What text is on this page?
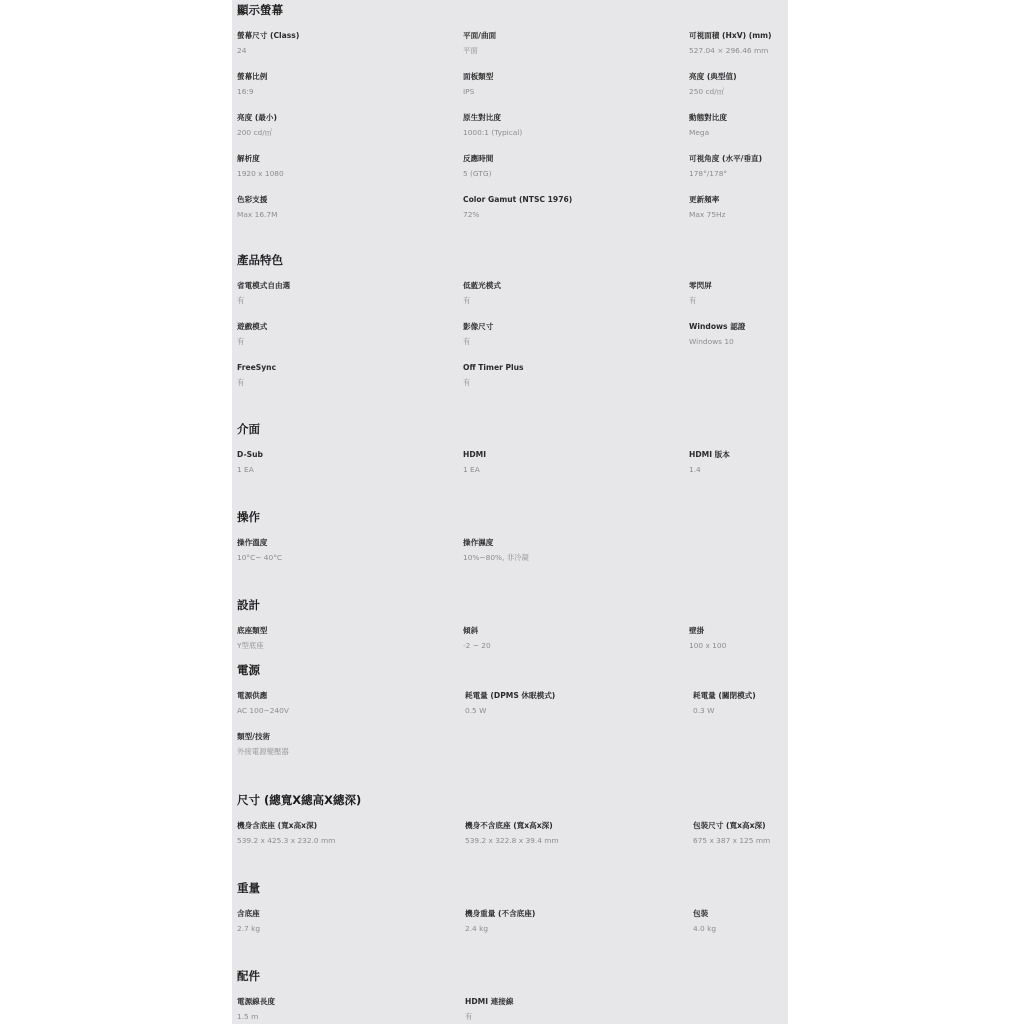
顯示螢幕
螢幕尺寸 (Class)
24
平面/曲面
平面
可視面積 (HxV) (mm)
527.04 × 296.46 mm
螢幕比例
16:9
面板類型
IPS
亮度 (典型值)
250 cd/㎡
亮度 (最小)
200 cd/㎡
原生對比度
1000:1 (Typical)
動態對比度
Mega
解析度
1920 x 1080
反應時間
5 (GTG)
可視角度 (水平/垂直)
178°/178°
色彩支援
Max 16.7M
Color Gamut (NTSC 1976)
72%
更新頻率
Max 75Hz
產品特色
省電模式自由選
有
低藍光模式
有
零閃屏
有
遊戲模式
有
影像尺寸
有
Windows 認證
Windows 10
FreeSync
有
Off Timer Plus
有
介面
D-Sub
1 EA
HDMI
1 EA
HDMI 版本
1.4
操作
操作溫度
10°C~ 40°C
操作濕度
10%~80%, 非冷凝
設計
底座類型
Y型底座
傾斜
-2 ~ 20
壁掛
100 x 100
電源
電源供應
AC 100~240V
耗電量 (DPMS 休眠模式)
0.5 W
耗電量 (關閉模式)
0.3 W
類型/技術
外接電源變壓器
尺寸 (總寬X總高X總深)
機身含底座 (寬x高x深)
539.2 x 425.3 x 232.0 mm
機身不含底座 (寬x高x深)
539.2 x 322.8 x 39.4 mm
包裝尺寸 (寬x高x深)
675 x 387 x 125 mm
重量
含底座
2.7 kg
機身重量 (不含底座)
2.4 kg
包裝
4.0 kg
配件
電源線長度
1.5 m
HDMI 連接線
有
